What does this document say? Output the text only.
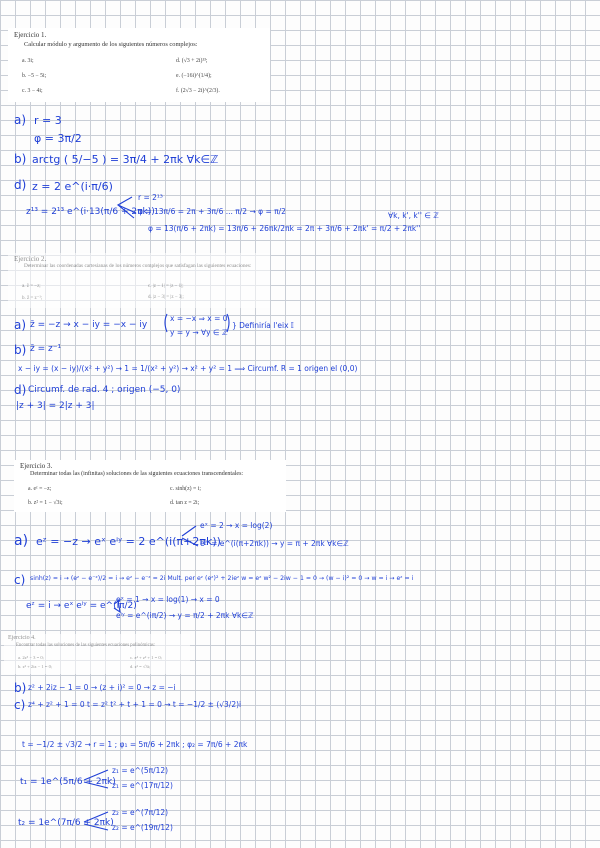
Ejercicio 1.
Calcular módulo y argumento de los siguientes números complejos:
a. 3i;
b. −5 − 5i;
c. 3 − 4i;
d. (√3 + 2i)¹³;
e. (−16i)^(1/4);
f. (2√3 − 2i)^(2/3).
a) r = 3
φ = 3π/2
b) arctg ( 5/−5 ) = 3π/4 + 2πk ∀k∈ℤ
d) z = 2 e^(i·π/6)
z¹³ = 2¹³ e^(i·13(π/6 + 2πk))
r = 2¹³
φ = 13π/6 = 2π + 3π/6 ... π/2 → φ = π/2
φ = 13(π/6 + 2πk) = 13π/6 + 26πk/2πk = 2π + 3π/6 + 2πk' = π/2 + 2πk''
∀k, k', k'' ∈ ℤ
Ejercicio 2.
Determinar las coordenadas cartesianas de los números complejos que satisfagan las siguientes ecuaciones:
a. z̄ = −z;
b. z̄ = z⁻¹;
c. |z − 1| = |z − 1|;
d. |z − 3| = |z − 3|;
a) z̄ = −z → x − iy = −x − iy
x = −x ⇒ x = 0
y = y → ∀y ∈ ℤ
} Definiría l'eix 𝕀
b) z̄ = z⁻¹
x − iy = (x − iy)/(x² + y²) → 1 = 1/(x² + y²) → x² + y² = 1 ⟹ Circumf. R = 1 origen el (0,0)
d) Circumf. de rad. 4 ; origen (−5, 0)
|z + 3| = 2|z + 3|
Ejercicio 3.
Determinar todas las (infinitas) soluciones de las siguientes ecuaciones transcendentales:
a. eᶻ = −z;
b. z² = 1 − √3i;
c. sinh(z) = i;
d. tan z = 2i;
a) eᶻ = −z → eˣ eⁱʸ = 2 e^(i(π+2πk))
eˣ = 2 → x = log(2)
eⁱʸ = e^(i(π+2πk)) → y = π + 2πk ∀k∈ℤ
c) sinh(z) = i → (eᶻ − e⁻ᶻ)/2 = i → eᶻ − e⁻ᶻ = 2i Mult. per eᶻ (eᶻ)² + 2ieᶻ w = eᶻ w² − 2iw − 1 = 0 → (w − i)² = 0 → w = i → eᶻ = i
eᶻ = i → eˣ eⁱʸ = e^(iπ/2)
eˣ = 1 → x = log(1) → x = 0
eⁱʸ = e^(iπ/2) → y = π/2 + 2πk ∀k∈ℤ
Ejercicio 4.
Encontrar todas las soluciones de las siguientes ecuaciones polinómicas:
a. 2z⁵ − 3 = 0;
b. z² + 2iz − 1 = 0;
c. z⁴ + z² + 1 = 0;
d. z³ = √3i;
b) z² + 2iz − 1 = 0 → (z + i)² = 0 → z = −i
c) z⁴ + z² + 1 = 0 t = z² t² + t + 1 = 0 → t = −1/2 ± (√3/2)i
t = −1/2 ± √3/2 → r = 1 ; φ₁ = 5π/6 + 2πk ; φ₂ = 7π/6 + 2πk
t₁ = 1e^(5π/6 + 2πk)
z₁ = e^(5π/12)
z₁ = e^(17π/12)
t₂ = 1e^(7π/6 + 2πk)
z₂ = e^(7π/12)
z₂ = e^(19π/12)
